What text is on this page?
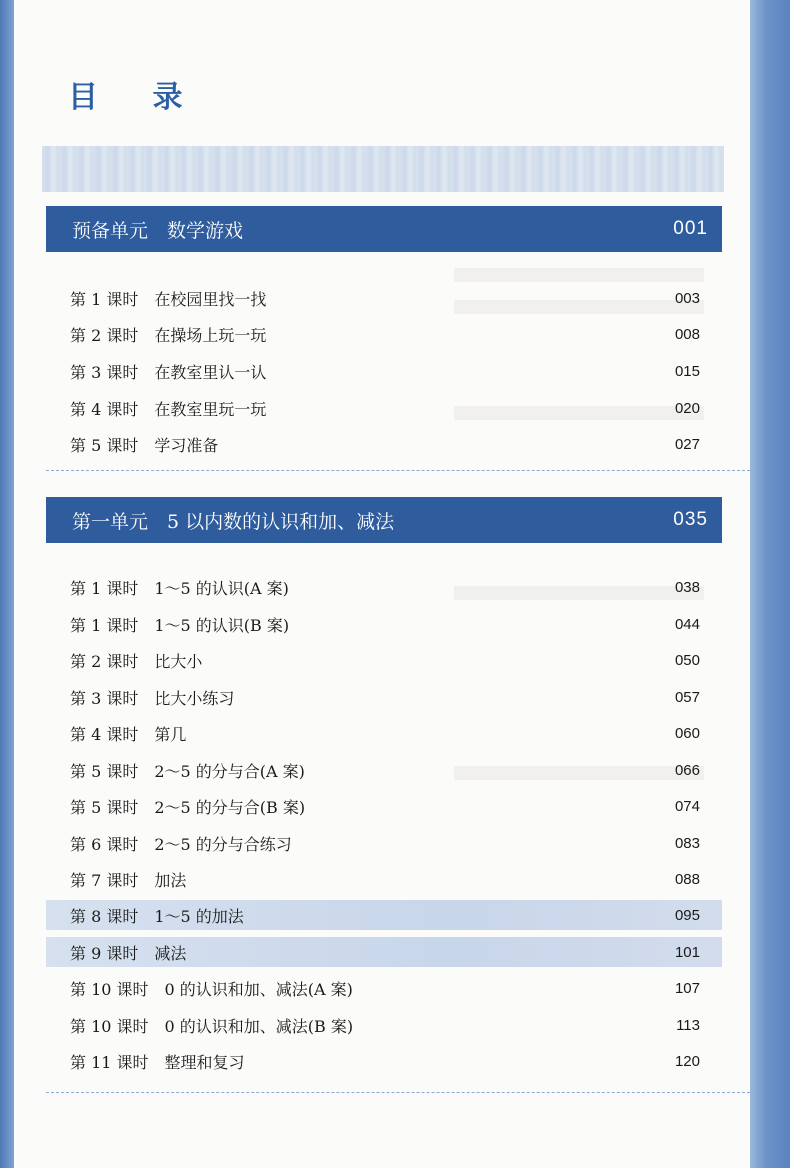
目 录
预备单元　数学游戏	001
第 1 课时　在校园里找一找	003
第 2 课时　在操场上玩一玩	008
第 3 课时　在教室里认一认	015
第 4 课时　在教室里玩一玩	020
第 5 课时　学习准备	027
第一单元　5 以内数的认识和加、减法	035
第 1 课时　1～5 的认识(A 案)	038
第 1 课时　1～5 的认识(B 案)	044
第 2 课时　比大小	050
第 3 课时　比大小练习	057
第 4 课时　第几	060
第 5 课时　2～5 的分与合(A 案)	066
第 5 课时　2～5 的分与合(B 案)	074
第 6 课时　2～5 的分与合练习	083
第 7 课时　加法	088
第 8 课时　1～5 的加法	095
第 9 课时　减法	101
第 10 课时　0 的认识和加、减法(A 案)	107
第 10 课时　0 的认识和加、减法(B 案)	113
第 11 课时　整理和复习	120
